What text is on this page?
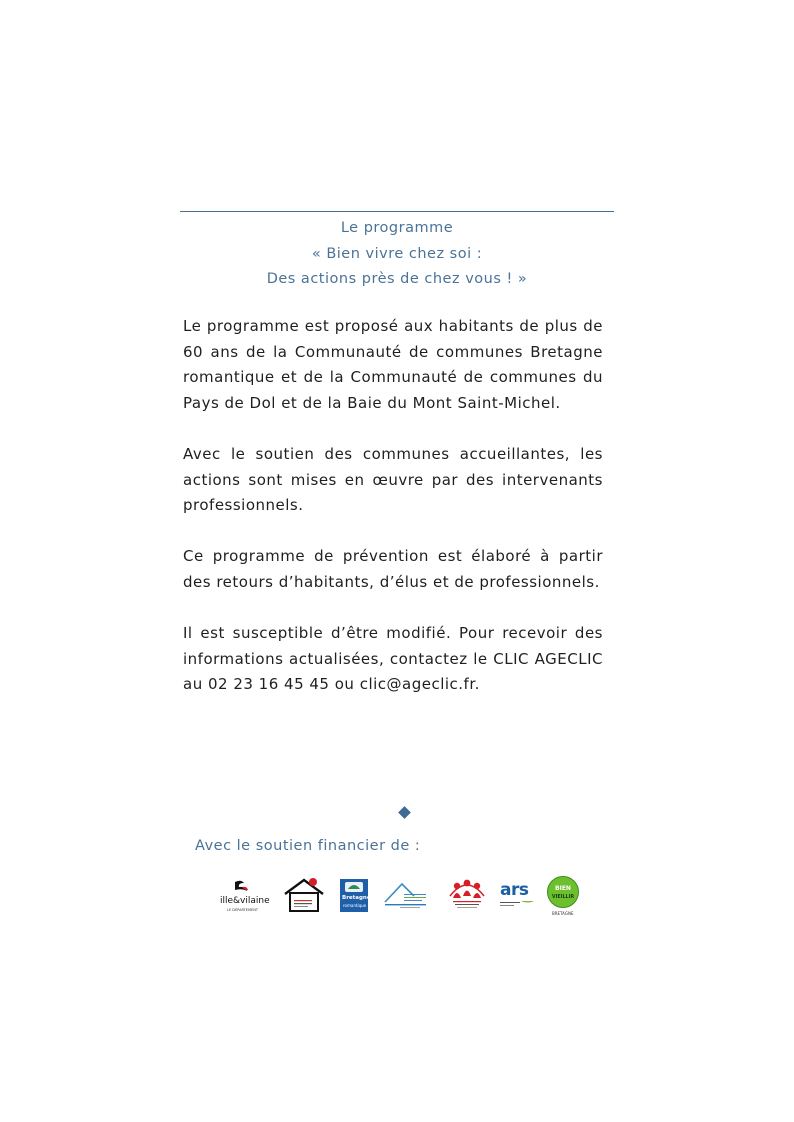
Le programme
« Bien vivre chez soi :
Des actions près de chez vous ! »

Le programme est proposé aux habitants de plus de 60 ans de la Communauté de communes Bretagne romantique et de la Communauté de communes du Pays de Dol et de la Baie du Mont Saint-Michel.

Avec le soutien des communes accueillantes, les actions sont mises en œuvre par des intervenants professionnels.

Ce programme de prévention est élaboré à partir des retours d’habitants, d’élus et de professionnels.

Il est susceptible d’être modifié. Pour recevoir des informations actualisées, contactez le CLIC AGECLIC au 02 23 16 45 45 ou clic@ageclic.fr.

Avec le soutien financier de :
ille&vilaine
LE DÉPARTEMENT
Bretagne
romantique
ars	BIEN
VIEILLIR
BRETAGNE
